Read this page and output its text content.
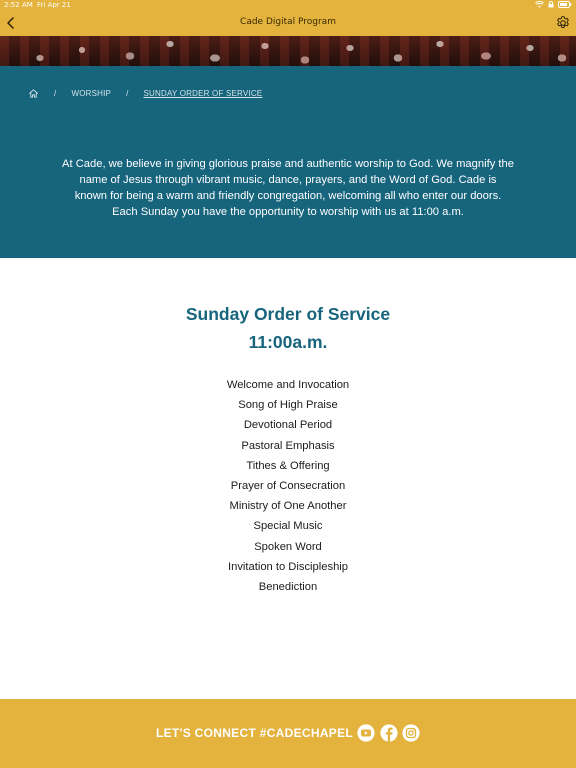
2:52 AM Fri Apr 21
Cade Digital Program
/ WORSHIP / SUNDAY ORDER OF SERVICE
At Cade, we believe in giving glorious praise and authentic worship to God. We magnify the name of Jesus through vibrant music, dance, prayers, and the Word of God. Cade is known for being a warm and friendly congregation, welcoming all who enter our doors. Each Sunday you have the opportunity to worship with us at 11:00 a.m.
Sunday Order of Service
11:00a.m.
Welcome and Invocation
Song of High Praise
Devotional Period
Pastoral Emphasis
Tithes & Offering
Prayer of Consecration
Ministry of One Another
Special Music
Spoken Word
Invitation to Discipleship
Benediction
LET'S CONNECT #CADECHAPEL
